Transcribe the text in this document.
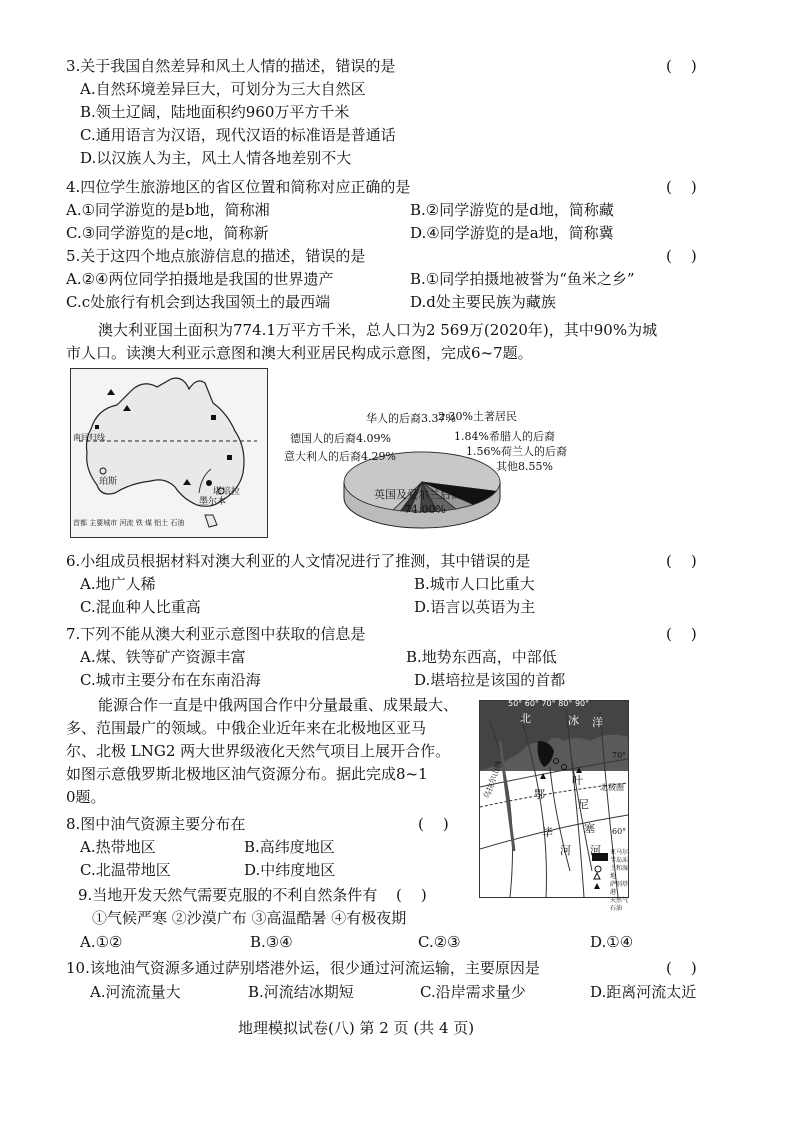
3.关于我国自然差异和风土人情的描述，错误的是	(    )
A.自然环境差异巨大，可划分为三大自然区
B.领土辽阔，陆地面积约960万平方千米
C.通用语言为汉语，现代汉语的标准语是普通话
D.以汉族人为主，风土人情各地差别不大
4.四位学生旅游地区的省区位置和简称对应正确的是	(    )
A.①同学游览的是b地，简称湘	B.②同学游览的是d地，简称藏
C.③同学游览的是c地，简称新	D.④同学游览的是a地，简称冀
5.关于这四个地点旅游信息的描述，错误的是	(    )
A.②④两位同学拍摄地是我国的世界遗产	B.①同学拍摄地被誉为“鱼米之乡”
C.c处旅行有机会到达我国领土的最西端	D.d处主要民族为藏族
澳大利亚国土面积为774.1万平方千米，总人口为2 569万(2020年)，其中90%为城
市人口。读澳大利亚示意图和澳大利亚居民构成示意图，完成6~7题。
南回归线
珀斯
堪培拉
墨尔本
首都 主要城市 河流 铁 煤 铝土 石油
英国及爱尔兰后裔
74.00%
其他8.55%
意大利人的后裔4.29%
德国人的后裔4.09%
华人的后裔3.37%
2.30%土著居民
1.84%希腊人的后裔
1.56%荷兰人的后裔
6.小组成员根据材料对澳大利亚的人文情况进行了推测，其中错误的是	(    )
A.地广人稀	B.城市人口比重大
C.混血种人比重高	D.语言以英语为主
7.下列不能从澳大利亚示意图中获取的信息是	(    )
A.煤、铁等矿产资源丰富	B.地势东西高，中部低
C.城市主要分布在东南沿海	D.堪培拉是该国的首都
能源合作一直是中俄两国合作中分量最重、成果最大、
多、范围最广的领域。中俄企业近年来在北极地区亚马
尔、北极 LNG2 两大世界级液化天然气项目上展开合作。
如图示意俄罗斯北极地区油气资源分布。据此完成8~1
0题。
50° 60° 70° 80° 90°
北	冰 洋
乌拉尔山脉	鄂
毕
叶
尼
塞
河 河
北极圈
70°
60°
亚马尔半岛冻土和湿地
萨别塔港
天然气
石油
8.图中油气资源主要分布在	(    )
A.热带地区	B.高纬度地区
C.北温带地区	D.中纬度地区
9.当地开发天然气需要克服的不利自然条件有 (    )
①气候严寒 ②沙漠广布 ③高温酷暑 ④有极夜期
A.①②	B.③④	C.②③	D.①④
10.该地油气资源多通过萨别塔港外运，很少通过河流运输，主要原因是	(    )
A.河流流量大	B.河流结冰期短	C.沿岸需求量少	D.距离河流太近
地理模拟试卷(八) 第 2 页 (共 4 页)
